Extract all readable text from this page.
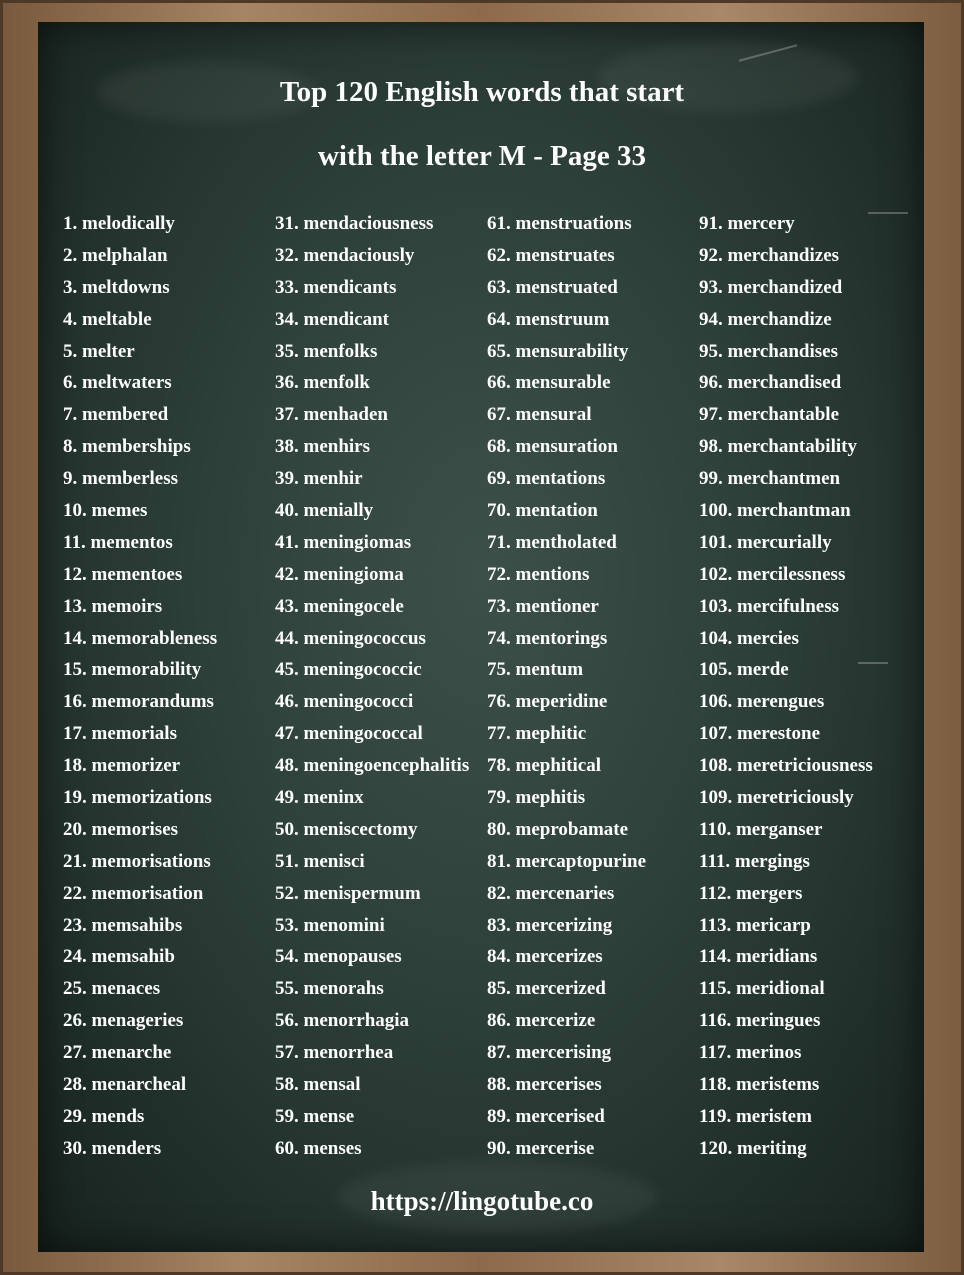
Top 120 English words that start
with the letter M - Page 33
1. melodically
2. melphalan
3. meltdowns
4. meltable
5. melter
6. meltwaters
7. membered
8. memberships
9. memberless
10. memes
11. mementos
12. mementoes
13. memoirs
14. memorableness
15. memorability
16. memorandums
17. memorials
18. memorizer
19. memorizations
20. memorises
21. memorisations
22. memorisation
23. memsahibs
24. memsahib
25. menaces
26. menageries
27. menarche
28. menarcheal
29. mends
30. menders
31. mendaciousness
32. mendaciously
33. mendicants
34. mendicant
35. menfolks
36. menfolk
37. menhaden
38. menhirs
39. menhir
40. menially
41. meningiomas
42. meningioma
43. meningocele
44. meningococcus
45. meningococcic
46. meningococci
47. meningococcal
48. meningoencephalitis
49. meninx
50. meniscectomy
51. menisci
52. menispermum
53. menomini
54. menopauses
55. menorahs
56. menorrhagia
57. menorrhea
58. mensal
59. mense
60. menses
61. menstruations
62. menstruates
63. menstruated
64. menstruum
65. mensurability
66. mensurable
67. mensural
68. mensuration
69. mentations
70. mentation
71. mentholated
72. mentions
73. mentioner
74. mentorings
75. mentum
76. meperidine
77. mephitic
78. mephitical
79. mephitis
80. meprobamate
81. mercaptopurine
82. mercenaries
83. mercerizing
84. mercerizes
85. mercerized
86. mercerize
87. mercerising
88. mercerises
89. mercerised
90. mercerise
91. mercery
92. merchandizes
93. merchandized
94. merchandize
95. merchandises
96. merchandised
97. merchantable
98. merchantability
99. merchantmen
100. merchantman
101. mercurially
102. mercilessness
103. mercifulness
104. mercies
105. merde
106. merengues
107. merestone
108. meretriciousness
109. meretriciously
110. merganser
111. mergings
112. mergers
113. mericarp
114. meridians
115. meridional
116. meringues
117. merinos
118. meristems
119. meristem
120. meriting
https://lingotube.co
